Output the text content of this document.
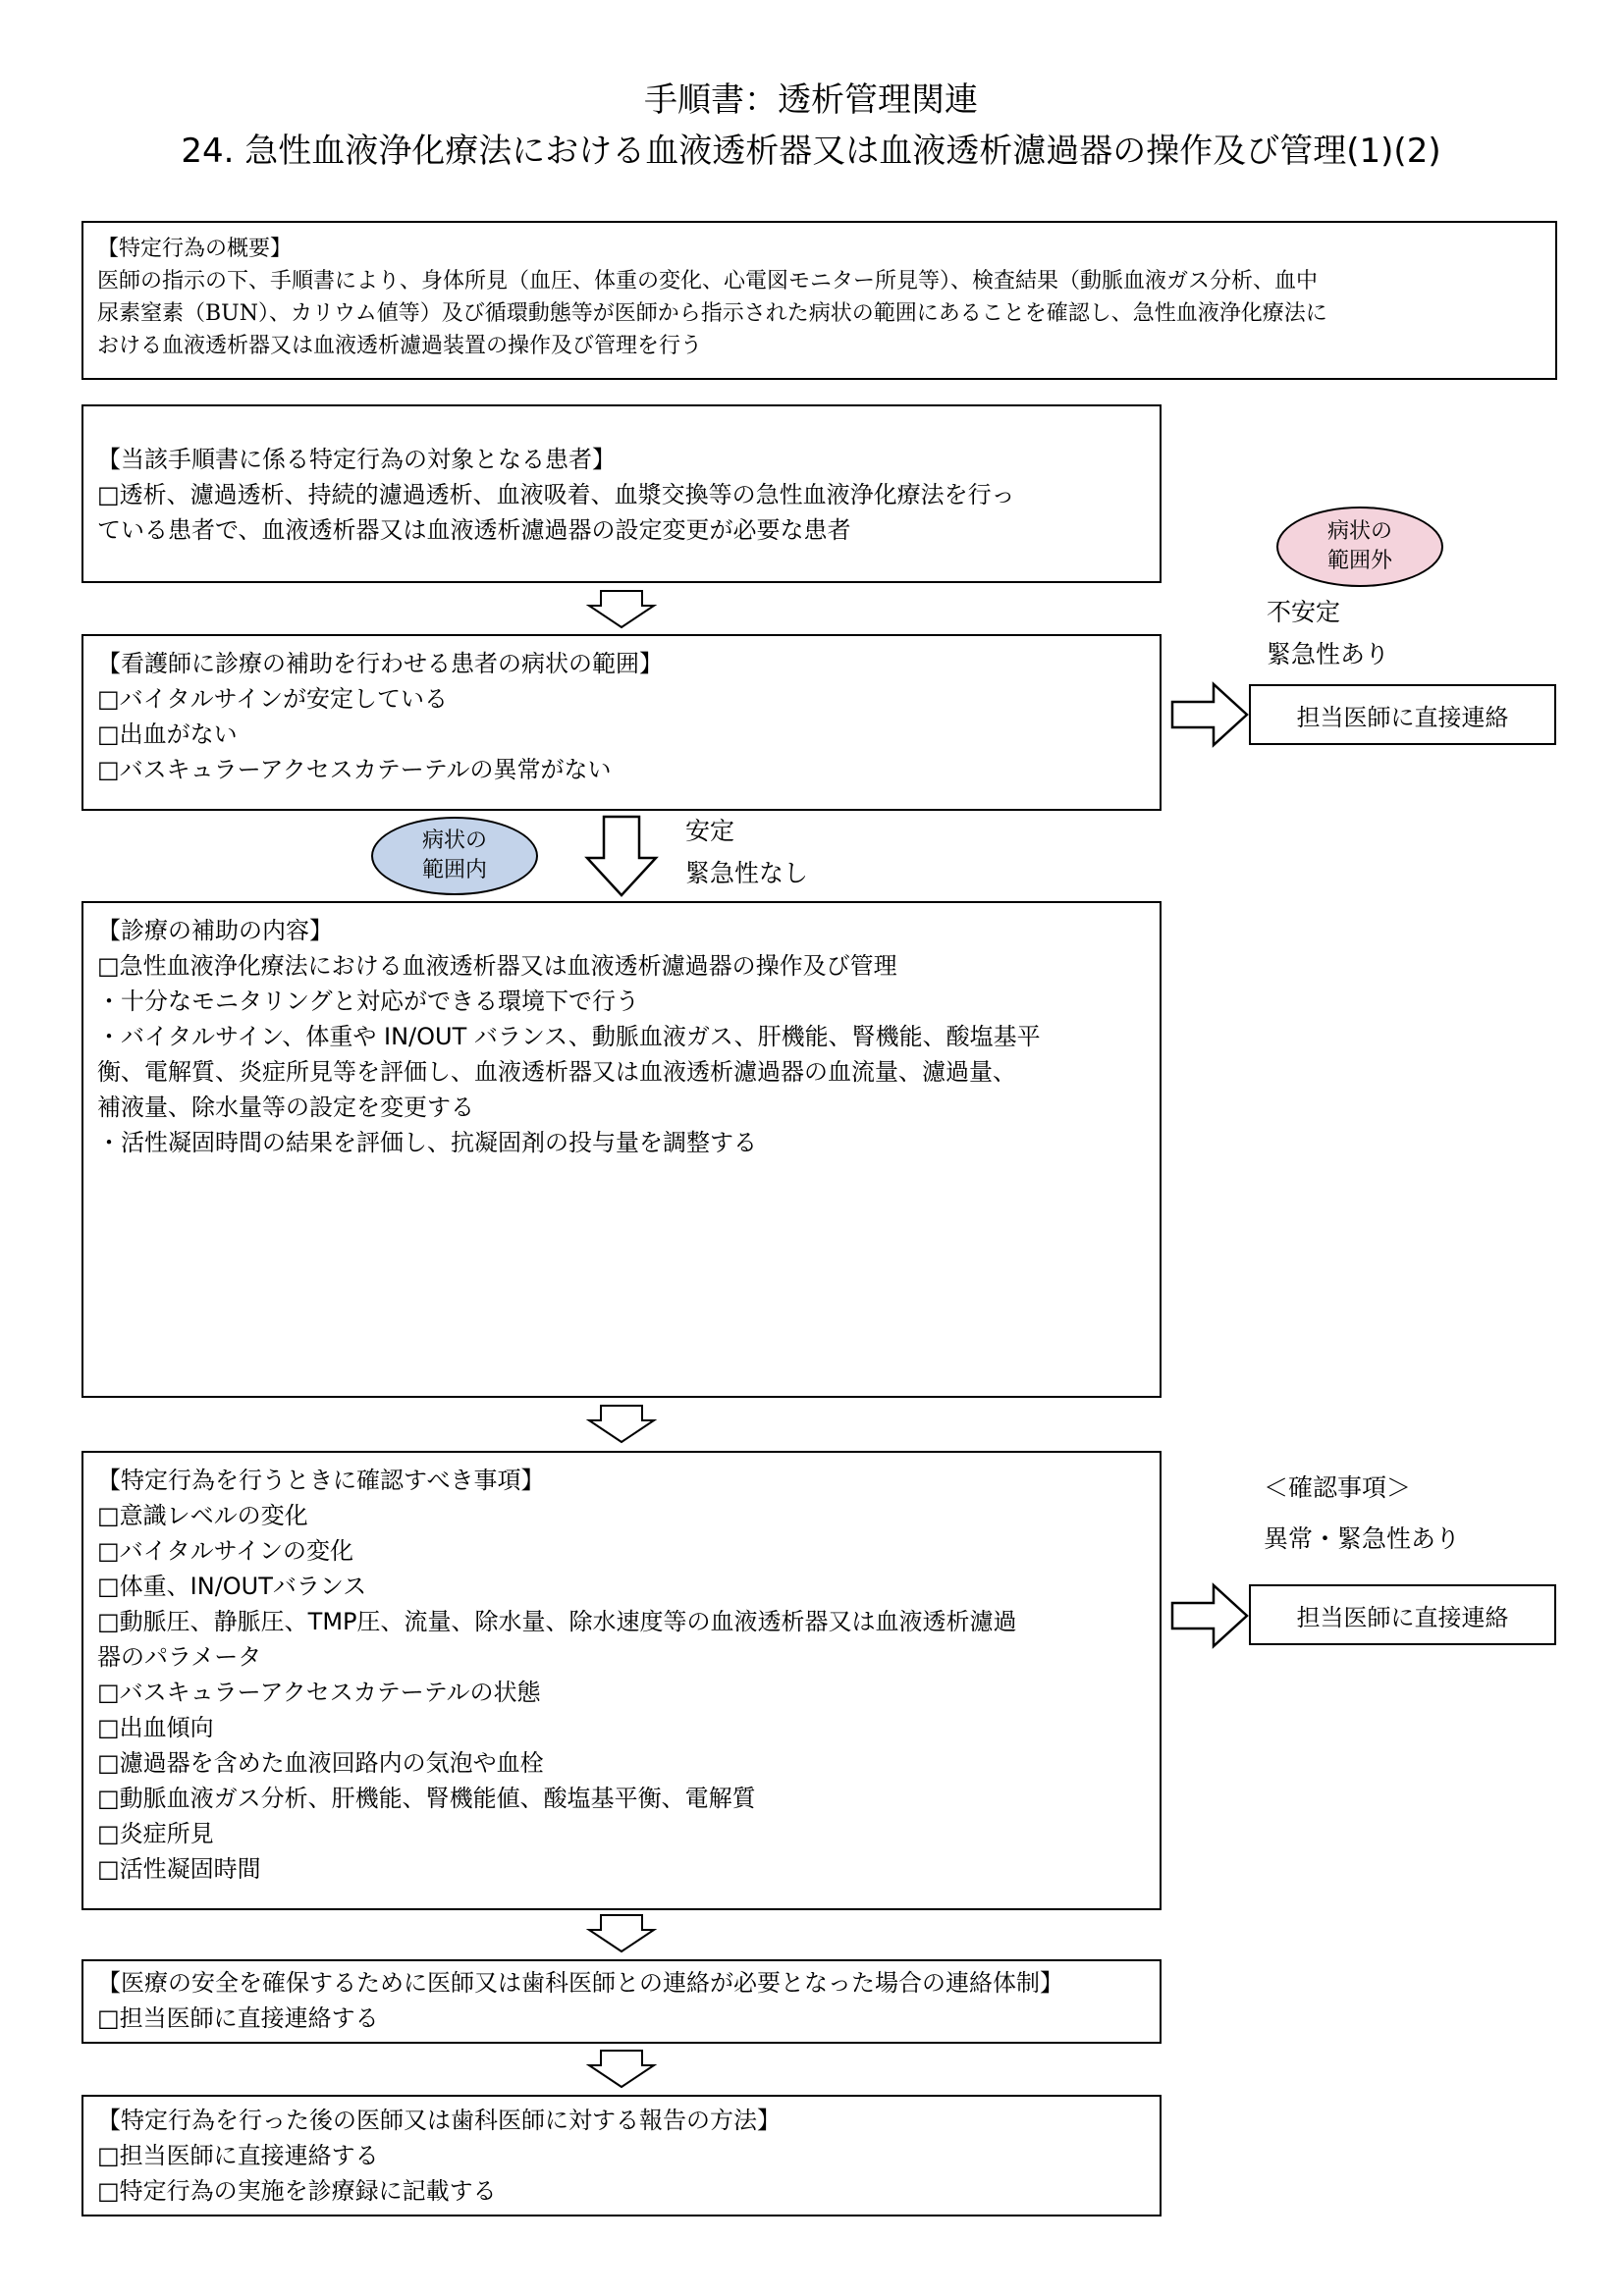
手順書：透析管理関連
24. 急性血液浄化療法における血液透析器又は血液透析濾過器の操作及び管理(1)(2)
【特定行為の概要】
医師の指示の下、手順書により、身体所見（血圧、体重の変化、心電図モニター所見等）、検査結果（動脈血液ガス分析、血中
尿素窒素（BUN）、カリウム値等）及び循環動態等が医師から指示された病状の範囲にあることを確認し、急性血液浄化療法に
おける血液透析器又は血液透析濾過装置の操作及び管理を行う
【当該手順書に係る特定行為の対象となる患者】
□透析、濾過透析、持続的濾過透析、血液吸着、血漿交換等の急性血液浄化療法を行っ
ている患者で、血液透析器又は血液透析濾過器の設定変更が必要な患者	病状の
範囲外
不安定
緊急性あり
【看護師に診療の補助を行わせる患者の病状の範囲】
□バイタルサインが安定している
□出血がない
□バスキュラーアクセスカテーテルの異常がない
担当医師に直接連絡
病状の
範囲内
安定
緊急性なし
【診療の補助の内容】
□急性血液浄化療法における血液透析器又は血液透析濾過器の操作及び管理
・十分なモニタリングと対応ができる環境下で行う
・バイタルサイン、体重や IN/OUT バランス、動脈血液ガス、肝機能、腎機能、酸塩基平
衡、電解質、炎症所見等を評価し、血液透析器又は血液透析濾過器の血流量、濾過量、
補液量、除水量等の設定を変更する
・活性凝固時間の結果を評価し、抗凝固剤の投与量を調整する
【特定行為を行うときに確認すべき事項】
□意識レベルの変化
□バイタルサインの変化
□体重、IN/OUTバランス
□動脈圧、静脈圧、TMP圧、流量、除水量、除水速度等の血液透析器又は血液透析濾過
器のパラメータ
□バスキュラーアクセスカテーテルの状態
□出血傾向
□濾過器を含めた血液回路内の気泡や血栓
□動脈血液ガス分析、肝機能、腎機能値、酸塩基平衡、電解質
□炎症所見
□活性凝固時間
＜確認事項＞
異常・緊急性あり
担当医師に直接連絡
【医療の安全を確保するために医師又は歯科医師との連絡が必要となった場合の連絡体制】
□担当医師に直接連絡する
【特定行為を行った後の医師又は歯科医師に対する報告の方法】
□担当医師に直接連絡する
□特定行為の実施を診療録に記載する
